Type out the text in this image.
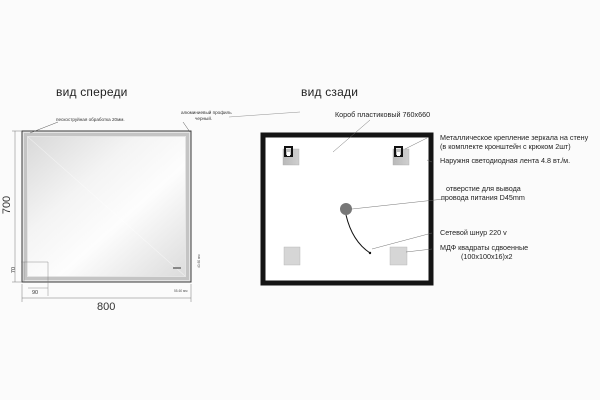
вид спереди	вид сзади
пескоструйная обработка 20мм.
алюминиевый профиль
черный.
700
800
70
90	55-60 мм
40-60 мм
Короб пластиковый 760х660
Металлическое крепление зеркала на стену
(в комплекте кронштейн с крюком 2шт)
Наружня светодиодная лента 4.8 вт./м.
отверстие для вывода
провода питания D45mm
Сетевой шнур 220 v
МДФ квадраты сдвоенные
(100х100х16)х2
